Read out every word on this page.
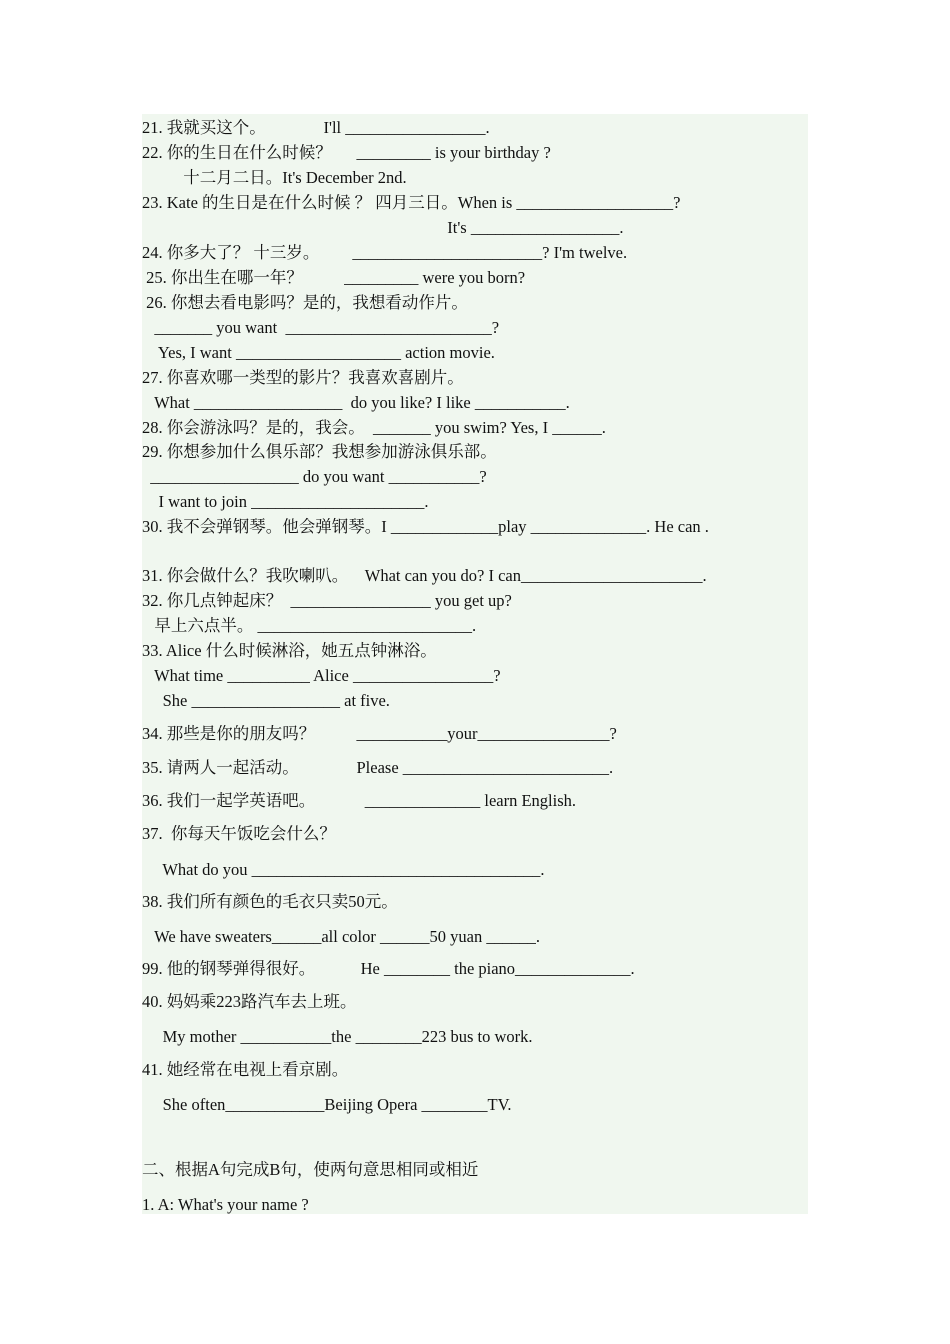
21. 我就买这个。              I'll _________________.
22. 你的生日在什么时候？      _________ is your birthday ?
十二月二日。It's December 2nd.
23. Kate 的生日是在什么时候 ？ 四月三日。When is ___________________?
It's __________________.
24. 你多大了？ 十三岁。        _______________________? I'm twelve.
25. 你出生在哪一年？          _________ were you born?
26. 你想去看电影吗？是的，我想看动作片。
_______ you want  _________________________?
Yes, I want ____________________ action movie.
27. 你喜欢哪一类型的影片？我喜欢喜剧片。
What __________________  do you like? I like ___________.
28. 你会游泳吗？是的，我会。  _______ you swim? Yes, I ______.
29. 你想参加什么俱乐部？我想参加游泳俱乐部。
__________________ do you want ___________?
I want to join _____________________.
30. 我不会弹钢琴。他会弹钢琴。I _____________play ______________. He can .
31. 你会做什么？我吹喇叭。    What can you do? I can______________________.
32. 你几点钟起床？  _________________ you get up?
早上六点半。 __________________________.
33. Alice 什么时候淋浴，她五点钟淋浴。
What time __________ Alice _________________?
She __________________ at five.
34. 那些是你的朋友吗？          ___________your________________?
35. 请两人一起活动。              Please _________________________.
36. 我们一起学英语吧。            ______________ learn English.
37.  你每天午饭吃会什么？
What do you ___________________________________.
38. 我们所有颜色的毛衣只卖50元。
We have sweaters______all color ______50 yuan ______.
99. 他的钢琴弹得很好。           He ________ the piano______________.
40. 妈妈乘223路汽车去上班。
My mother ___________the ________223 bus to work.
41. 她经常在电视上看京剧。
She often____________Beijing Opera ________TV.
二、根据A句完成B句，使两句意思相同或相近
1. A: What's your name ?
